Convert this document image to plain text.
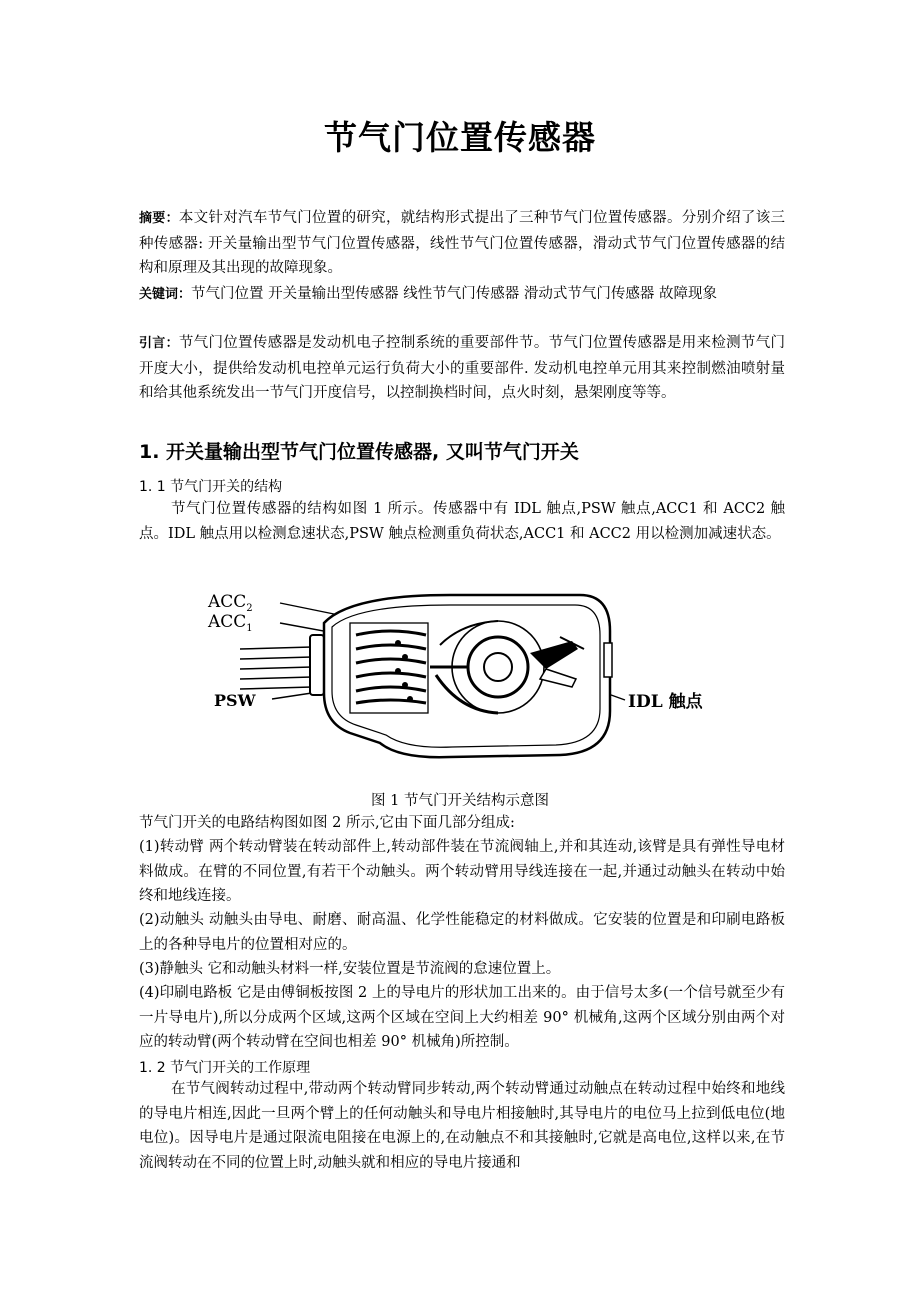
节气门位置传感器
摘要：本文针对汽车节气门位置的研究，就结构形式提出了三种节气门位置传感器。分别介绍了该三种传感器: 开关量输出型节气门位置传感器，线性节气门位置传感器，滑动式节气门位置传感器的结构和原理及其出现的故障现象。
关键词：节气门位置 开关量输出型传感器 线性节气门传感器 滑动式节气门传感器 故障现象
引言：节气门位置传感器是发动机电子控制系统的重要部件节。节气门位置传感器是用来检测节气门开度大小，提供给发动机电控单元运行负荷大小的重要部件. 发动机电控单元用其来控制燃油喷射量和给其他系统发出一节气门开度信号，以控制换档时间，点火时刻，悬架刚度等等。
1. 开关量输出型节气门位置传感器, 又叫节气门开关
1. 1 节气门开关的结构
节气门位置传感器的结构如图 1 所示。传感器中有 IDL 触点,PSW 触点,ACC1 和 ACC2 触点。IDL 触点用以检测怠速状态,PSW 触点检测重负荷状态,ACC1 和 ACC2 用以检测加减速状态。
$ACC_2$
$ACC_1$
PSW	IDL 触点
图 1 节气门开关结构示意图
节气门开关的电路结构图如图 2 所示,它由下面几部分组成:
(1)转动臂 两个转动臂装在转动部件上,转动部件装在节流阀轴上,并和其连动,该臂是具有弹性导电材料做成。在臂的不同位置,有若干个动触头。两个转动臂用导线连接在一起,并通过动触头在转动中始终和地线连接。
(2)动触头 动触头由导电、耐磨、耐高温、化学性能稳定的材料做成。它安装的位置是和印刷电路板上的各种导电片的位置相对应的。
(3)静触头 它和动触头材料一样,安装位置是节流阀的怠速位置上。
(4)印刷电路板 它是由傅铜板按图 2 上的导电片的形状加工出来的。由于信号太多(一个信号就至少有一片导电片),所以分成两个区域,这两个区域在空间上大约相差 90° 机械角,这两个区域分别由两个对应的转动臂(两个转动臂在空间也相差 90° 机械角)所控制。
1. 2 节气门开关的工作原理
在节气阀转动过程中,带动两个转动臂同步转动,两个转动臂通过动触点在转动过程中始终和地线的导电片相连,因此一旦两个臂上的任何动触头和导电片相接触时,其导电片的电位马上拉到低电位(地电位)。因导电片是通过限流电阻接在电源上的,在动触点不和其接触时,它就是高电位,这样以来,在节流阀转动在不同的位置上时,动触头就和相应的导电片接通和
